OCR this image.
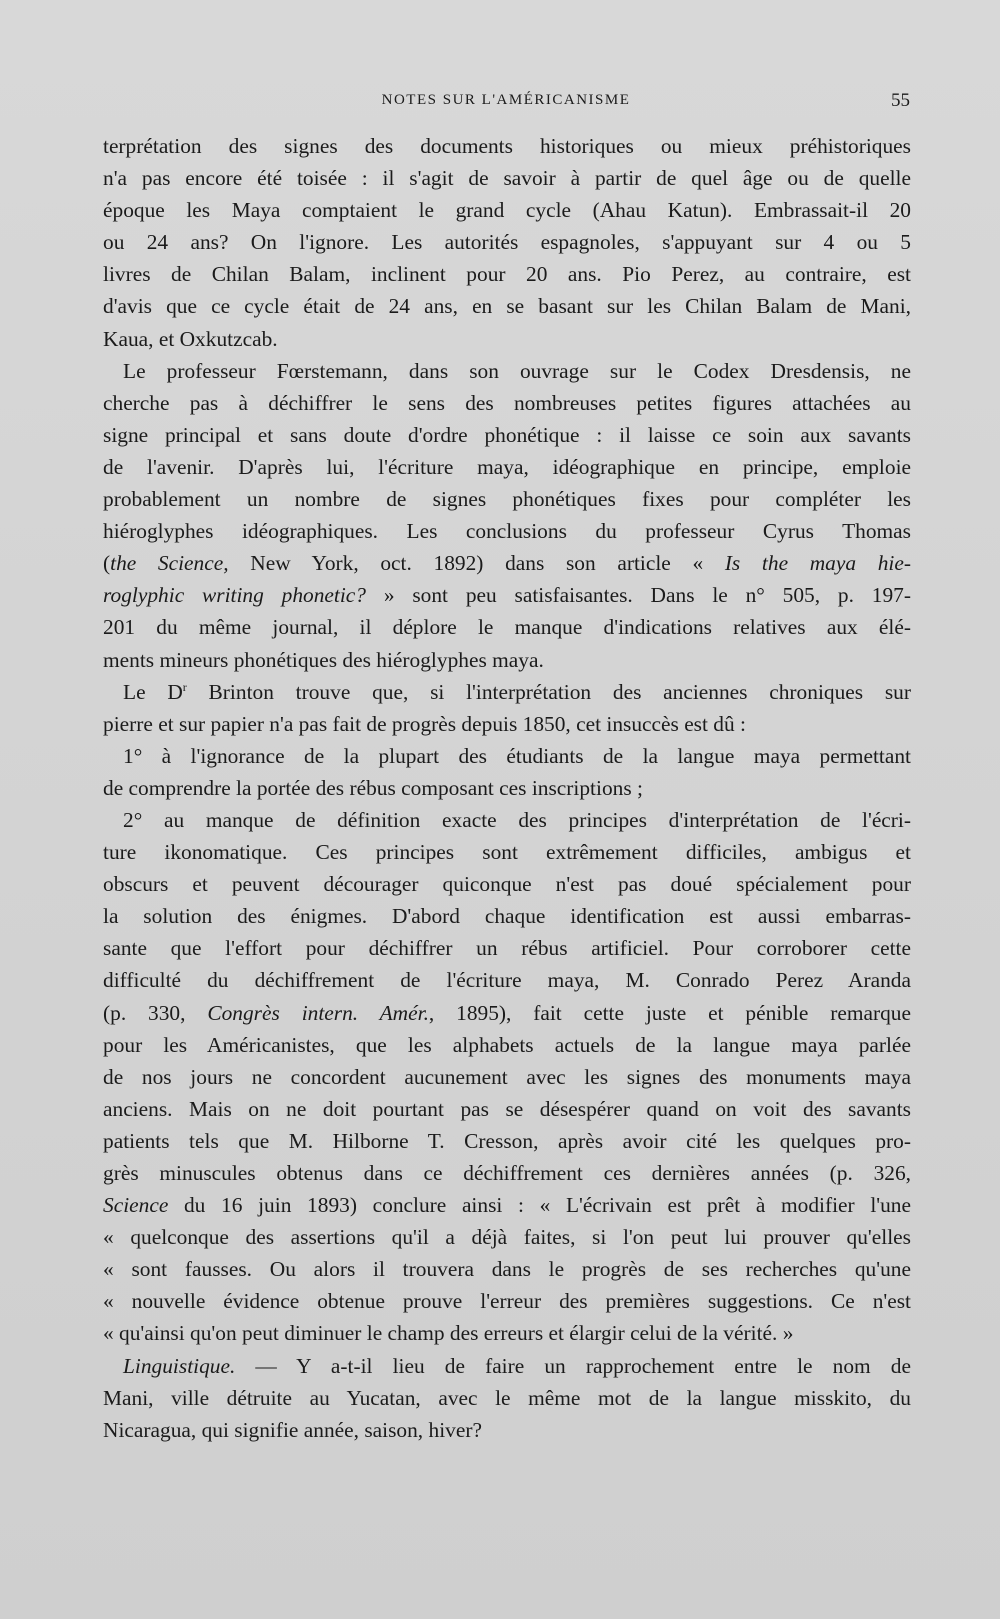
NOTES SUR L'AMÉRICANISME	55
terprétation des signes des documents historiques ou mieux préhistoriques
n'a pas encore été toisée : il s'agit de savoir à partir de quel âge ou de quelle
époque les Maya comptaient le grand cycle (Ahau Katun). Embrassait-il 20
ou 24 ans? On l'ignore. Les autorités espagnoles, s'appuyant sur 4 ou 5
livres de Chilan Balam, inclinent pour 20 ans. Pio Perez, au contraire, est
d'avis que ce cycle était de 24 ans, en se basant sur les Chilan Balam de Mani,
Kaua, et Oxkutzcab.
Le professeur Fœrstemann, dans son ouvrage sur le Codex Dresdensis, ne
cherche pas à déchiffrer le sens des nombreuses petites figures attachées au
signe principal et sans doute d'ordre phonétique : il laisse ce soin aux savants
de l'avenir. D'après lui, l'écriture maya, idéographique en principe, emploie
probablement un nombre de signes phonétiques fixes pour compléter les
hiéroglyphes idéographiques. Les conclusions du professeur Cyrus Thomas
(the Science, New York, oct. 1892) dans son article « Is the maya hie-
roglyphic writing phonetic? » sont peu satisfaisantes. Dans le n° 505, p. 197-
201 du même journal, il déplore le manque d'indications relatives aux élé-
ments mineurs phonétiques des hiéroglyphes maya.
Le $D^r$ Brinton trouve que, si l'interprétation des anciennes chroniques sur
pierre et sur papier n'a pas fait de progrès depuis 1850, cet insuccès est dû :
1° à l'ignorance de la plupart des étudiants de la langue maya permettant
de comprendre la portée des rébus composant ces inscriptions ;
2° au manque de définition exacte des principes d'interprétation de l'écri-
ture ikonomatique. Ces principes sont extrêmement difficiles, ambigus et
obscurs et peuvent décourager quiconque n'est pas doué spécialement pour
la solution des énigmes. D'abord chaque identification est aussi embarras-
sante que l'effort pour déchiffrer un rébus artificiel. Pour corroborer cette
difficulté du déchiffrement de l'écriture maya, M. Conrado Perez Aranda
(p. 330, Congrès intern. Amér., 1895), fait cette juste et pénible remarque
pour les Américanistes, que les alphabets actuels de la langue maya parlée
de nos jours ne concordent aucunement avec les signes des monuments maya
anciens. Mais on ne doit pourtant pas se désespérer quand on voit des savants
patients tels que M. Hilborne T. Cresson, après avoir cité les quelques pro-
grès minuscules obtenus dans ce déchiffrement ces dernières années (p. 326,
Science du 16 juin 1893) conclure ainsi : « L'écrivain est prêt à modifier l'une
« quelconque des assertions qu'il a déjà faites, si l'on peut lui prouver qu'elles
« sont fausses. Ou alors il trouvera dans le progrès de ses recherches qu'une
« nouvelle évidence obtenue prouve l'erreur des premières suggestions. Ce n'est
« qu'ainsi qu'on peut diminuer le champ des erreurs et élargir celui de la vérité. »
Linguistique. — Y a-t-il lieu de faire un rapprochement entre le nom de
Mani, ville détruite au Yucatan, avec le même mot de la langue misskito, du
Nicaragua, qui signifie année, saison, hiver?
